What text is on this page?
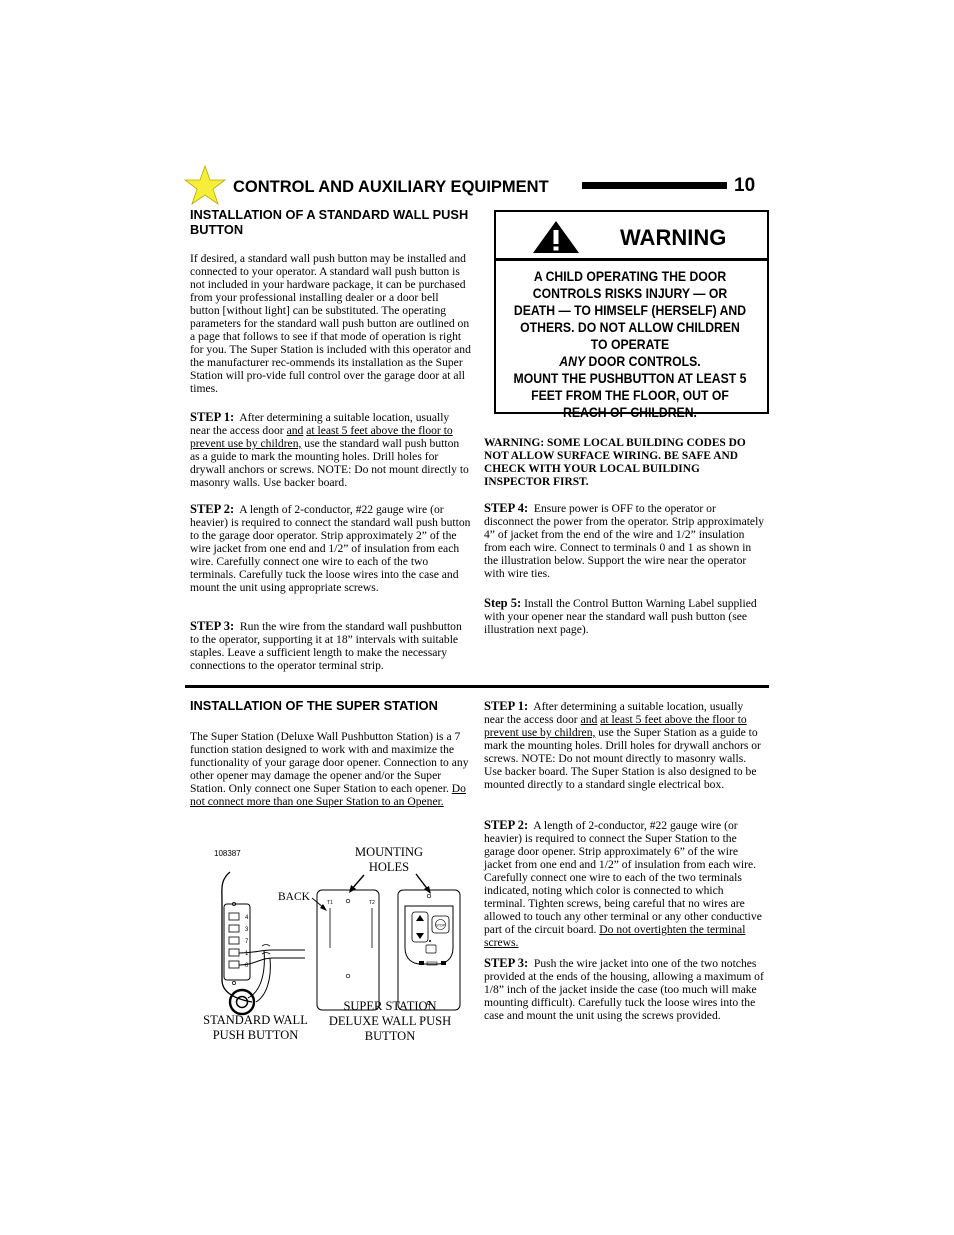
CONTROL AND AUXILIARY EQUIPMENT	10
INSTALLATION OF A STANDARD WALL PUSH BUTTON

If desired, a standard wall push button may be installed and connected to your operator. A standard wall push button is not included in your hardware package, it can be purchased from your professional installing dealer or a door bell button [without light] can be substituted. The operating parameters for the standard wall push button are outlined on a page that follows to see if that mode of operation is right for you. The Super Station is included with this operator and the manufacturer rec-ommends its installation as the Super Station will pro-vide full control over the garage door at all times.

STEP 1: After determining a suitable location, usually near the access door and at least 5 feet above the floor to prevent use by children, use the standard wall push button as a guide to mark the mounting holes. Drill holes for drywall anchors or screws. NOTE: Do not mount directly to masonry walls. Use backer board.
STEP 2: A length of 2-conductor, #22 gauge wire (or heavier) is required to connect the standard wall push button to the garage door operator. Strip approximately 2” of the wire jacket from one end and 1/2” of insulation from each wire. Carefully connect one wire to each of the two terminals. Carefully tuck the loose wires into the case and mount the unit using appropriate screws.
STEP 3: Run the wire from the standard wall pushbutton to the operator, supporting it at 18” intervals with suitable staples. Leave a sufficient length to make the necessary connections to the operator terminal strip.
WARNING
A CHILD OPERATING THE DOOR CONTROLS RISKS INJURY — OR DEATH — TO HIMSELF (HERSELF) AND OTHERS. DO NOT ALLOW CHILDREN TO OPERATE
ANY DOOR CONTROLS.
MOUNT THE PUSHBUTTON AT LEAST 5 FEET FROM THE FLOOR, OUT OF REACH OF CHILDREN.

WARNING: SOME LOCAL BUILDING CODES DO NOT ALLOW SURFACE WIRING. BE SAFE AND CHECK WITH YOUR LOCAL BUILDING INSPECTOR FIRST.

STEP 4: Ensure power is OFF to the operator or disconnect the power from the operator. Strip approximately 4” of jacket from the end of the wire and 1/2” insulation from each wire. Connect to terminals 0 and 1 as shown in the illustration below. Support the wire near the operator with wire ties.
Step 5: Install the Control Button Warning Label supplied with your opener near the standard wall push button (see illustration next page).
INSTALLATION OF THE SUPER STATION
The Super Station (Deluxe Wall Pushbutton Station) is a 7 function station designed to work with and maximize the functionality of your garage door opener. Connection to any other opener may damage the opener and/or the Super Station. Only connect one Super Station to each opener. Do not connect more than one Super Station to an Opener.
STEP 1: After determining a suitable location, usually near the access door and at least 5 feet above the floor to prevent use by children, use the Super Station as a guide to mark the mounting holes. Drill holes for drywall anchors or screws. NOTE: Do not mount directly to masonry walls. Use backer board. The Super Station is also designed to be mounted directly to a standard single electrical box.
STEP 2: A length of 2-conductor, #22 gauge wire (or heavier) is required to connect the Super Station to the garage door opener. Strip approximately 6” of the wire jacket from one end and 1/2” of insulation from each wire. Carefully connect one wire to each of the two terminals indicated, noting which color is connected to which terminal. Tighten screws, being careful that no wires are allowed to touch any other terminal or any other conductive part of the circuit board. Do not overtighten the terminal screws.
STEP 3: Push the wire jacket into one of the two notches provided at the ends of the housing, allowing a maximum of 1/8” inch of the jacket inside the case (too much will make mounting difficult). Carefully tuck the loose wires into the case and mount the unit using the screws provided.
108387	MOUNTING HOLES
BACK
STANDARD WALL PUSH BUTTON
SUPER STATION DELUXE WALL PUSH BUTTON
4
3
7
1
0
T1	T2
STOP
